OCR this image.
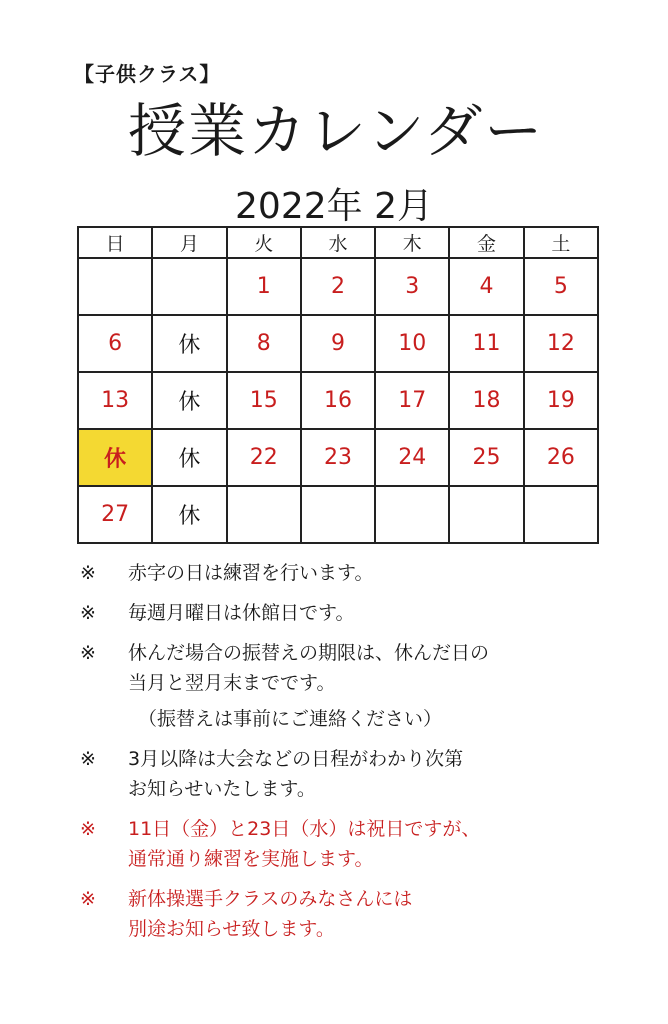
【子供クラス】
授業カレンダー
2022年 2月
日	月	火	水	木	金	土
		1	2	3	4	5
6	休	8	9	10	11	12
13	休	15	16	17	18	19
休	休	22	23	24	25	26
27	休					
※	赤字の日は練習を行います。
※	毎週月曜日は休館日です。
※	休んだ場合の振替えの期限は、休んだ日の
当月と翌月末までです。
（振替えは事前にご連絡ください）
※	3月以降は大会などの日程がわかり次第
お知らせいたします。
※	11日（金）と23日（水）は祝日ですが、
通常通り練習を実施します。
※	新体操選手クラスのみなさんには
別途お知らせ致します。
